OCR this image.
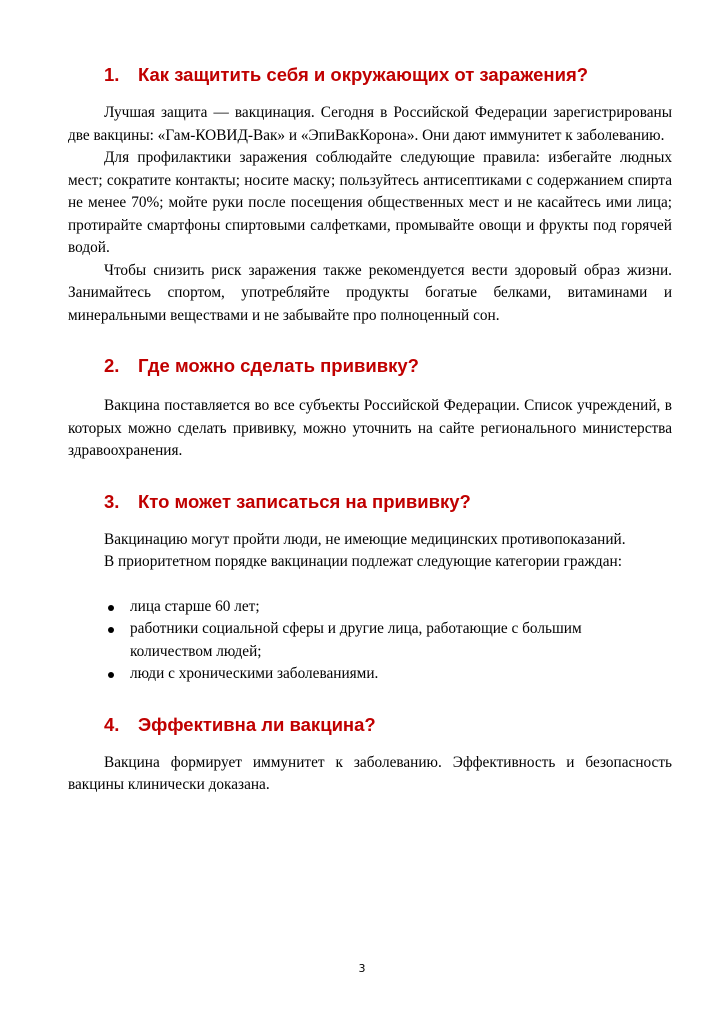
1. Как защитить себя и окружающих от заражения?

Лучшая защита — вакцинация. Сегодня в Российской Федерации зарегистрированы две вакцины: «Гам-КОВИД-Вак» и «ЭпиВакКорона». Они дают иммунитет к заболеванию.

Для профилактики заражения соблюдайте следующие правила: избегайте людных мест; сократите контакты; носите маску; пользуйтесь антисептиками с содержанием спирта не менее 70%; мойте руки после посещения общественных мест и не касайтесь ими лица; протирайте смартфоны спиртовыми салфетками, промывайте овощи и фрукты под горячей водой.

Чтобы снизить риск заражения также рекомендуется вести здоровый образ жизни. Занимайтесь спортом, употребляйте продукты богатые белками, витаминами и минеральными веществами и не забывайте про полноценный сон.

2. Где можно сделать прививку?

Вакцина поставляется во все субъекты Российской Федерации. Список учреждений, в которых можно сделать прививку, можно уточнить на сайте регионального министерства здравоохранения.

3. Кто может записаться на прививку?

Вакцинацию могут пройти люди, не имеющие медицинских противопоказаний.

В приоритетном порядке вакцинации подлежат следующие категории граждан:

лица старше 60 лет;
работники социальной сферы и другие лица, работающие с большим количеством людей;
люди с хроническими заболеваниями.
4. Эффективна ли вакцина?

Вакцина формирует иммунитет к заболеванию. Эффективность и безопасность вакцины клинически доказана.

3
